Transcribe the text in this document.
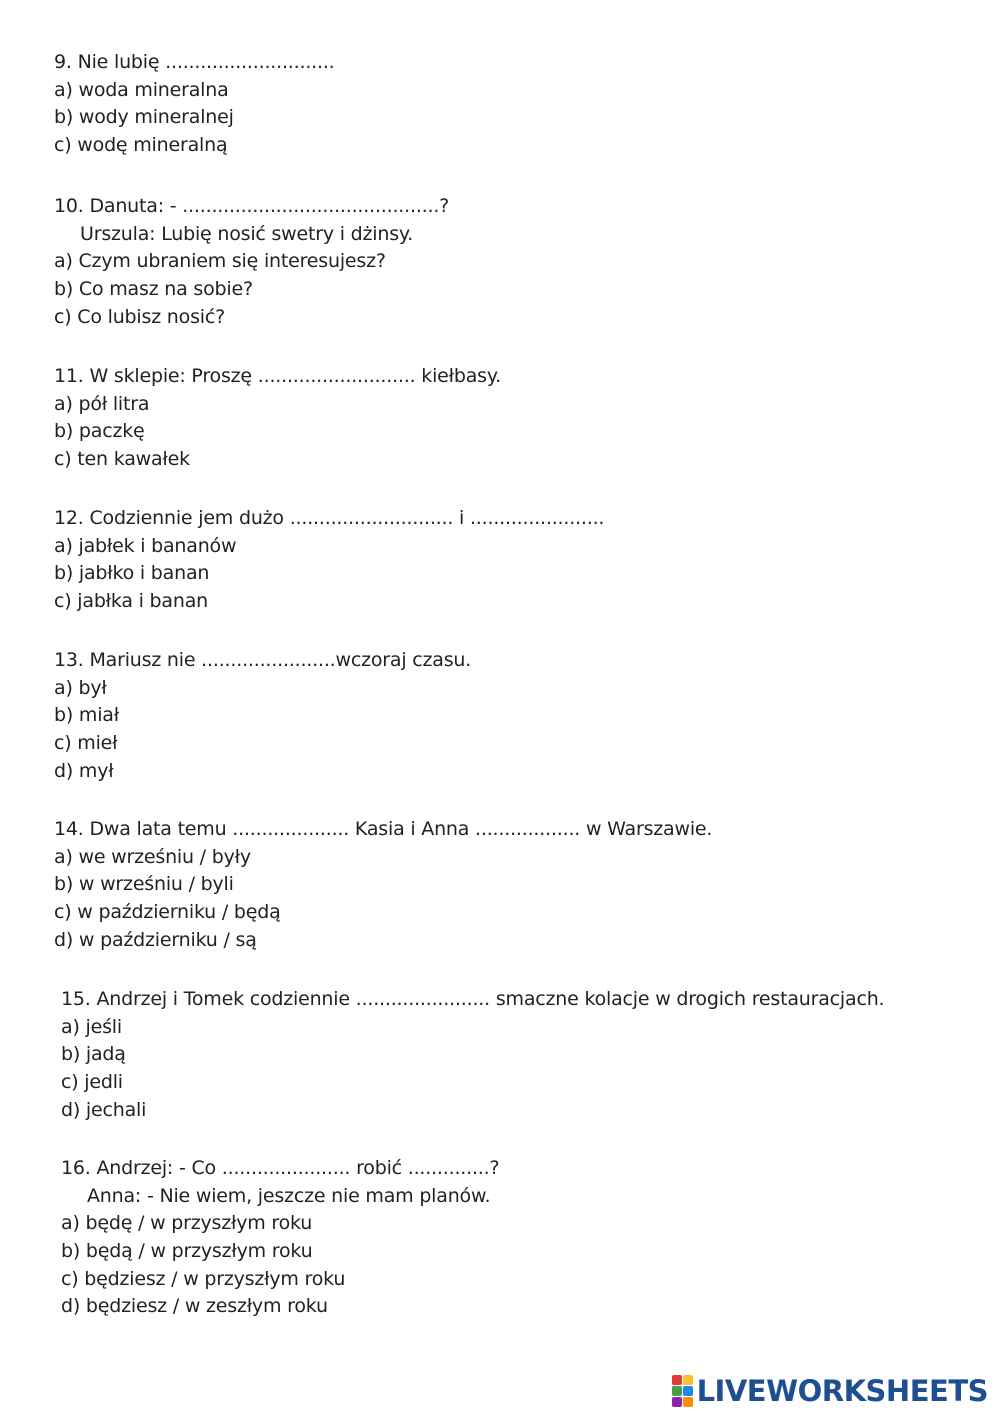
9. Nie lubię .............................
a) woda mineralna
b) wody mineralnej
c) wodę mineralną
10. Danuta: - ............................................?
Urszula: Lubię nosić swetry i dżinsy.
a) Czym ubraniem się interesujesz?
b) Co masz na sobie?
c) Co lubisz nosić?
11. W sklepie: Proszę ........................... kiełbasy.
a) pół litra
b) paczkę
c) ten kawałek
12. Codziennie jem dużo ............................ i .......................
a) jabłek i bananów
b) jabłko i banan
c) jabłka i banan
13. Mariusz nie .......................wczoraj czasu.
a) był
b) miał
c) mieł
d) mył
14. Dwa lata temu .................... Kasia i Anna .................. w Warszawie.
a) we wrześniu / były
b) w wrześniu / byli
c) w październiku / będą
d) w październiku / są
15. Andrzej i Tomek codziennie ....................... smaczne kolacje w drogich restauracjach.
a) jeśli
b) jadą
c) jedli
d) jechali
16. Andrzej: - Co ...................... robić ..............?
Anna: - Nie wiem, jeszcze nie mam planów.
a) będę / w przyszłym roku
b) będą / w przyszłym roku
c) będziesz / w przyszłym roku
d) będziesz / w zeszłym roku
LIVEWORKSHEETS
